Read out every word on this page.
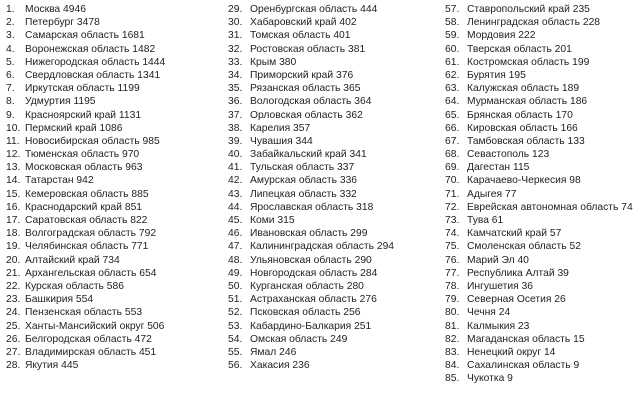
1.	Москва 4946
2.	Петербург 3478
3.	Самарская область 1681
4.	Воронежская область 1482
5.	Нижегородская область 1444
6.	Свердловская область 1341
7.	Иркутская область 1199
8.	Удмуртия 1195
9.	Красноярский край 1131
10. Пермский край 1086
11. Новосибирская область 985
12. Тюменская область 970
13. Московская область 963
14. Татарстан 942
15. Кемеровская область 885
16. Краснодарский край 851
17. Саратовская область 822
18. Волгоградская область 792
19. Челябинская область 771
20. Алтайский край 734
21. Архангельская область 654
22. Курская область 586
23. Башкирия 554
24. Пензенская область 553
25. Ханты-Мансийский округ 506
26. Белгородская область 472
27. Владимирская область 451
28. Якутия 445
29. Оренбургская область 444
30. Хабаровский край 402
31. Томская область 401
32. Ростовская область 381
33. Крым 380
34. Приморский край 376
35. Рязанская область 365
36. Вологодская область 364
37. Орловская область 362
38. Карелия 357
39. Чувашия 344
40. Забайкальский край 341
41. Тульская область 337
42. Амурская область 336
43. Липецкая область 332
44. Ярославская область 318
45. Коми 315
46. Ивановская область 299
47. Калининградская область 294
48. Ульяновская область 290
49. Новгородская область 284
50. Курганская область 280
51. Астраханская область 276
52. Псковская область 256
53. Кабардино-Балкария 251
54. Омская область 249
55. Ямал 246
56. Хакасия 236
57. Ставропольский край 235
58. Ленинградская область 228
59. Мордовия 222
60. Тверская область 201
61. Костромская область 199
62. Бурятия 195
63. Калужская область 189
64. Мурманская область 186
65. Брянская область 170
66. Кировская область 166
67. Тамбовская область 133
68. Севастополь 123
69. Дагестан 115
70. Карачаево-Черкесия 98
71. Адыгея 77
72. Еврейская автономная область 74
73. Тува 61
74. Камчатский край 57
75. Смоленская область 52
76. Марий Эл 40
77. Республика Алтай 39
78. Ингушетия 36
79. Северная Осетия 26
80. Чечня 24
81. Калмыкия 23
82. Магаданская область 15
83. Ненецкий округ 14
84. Сахалинская область 9
85. Чукотка 9
